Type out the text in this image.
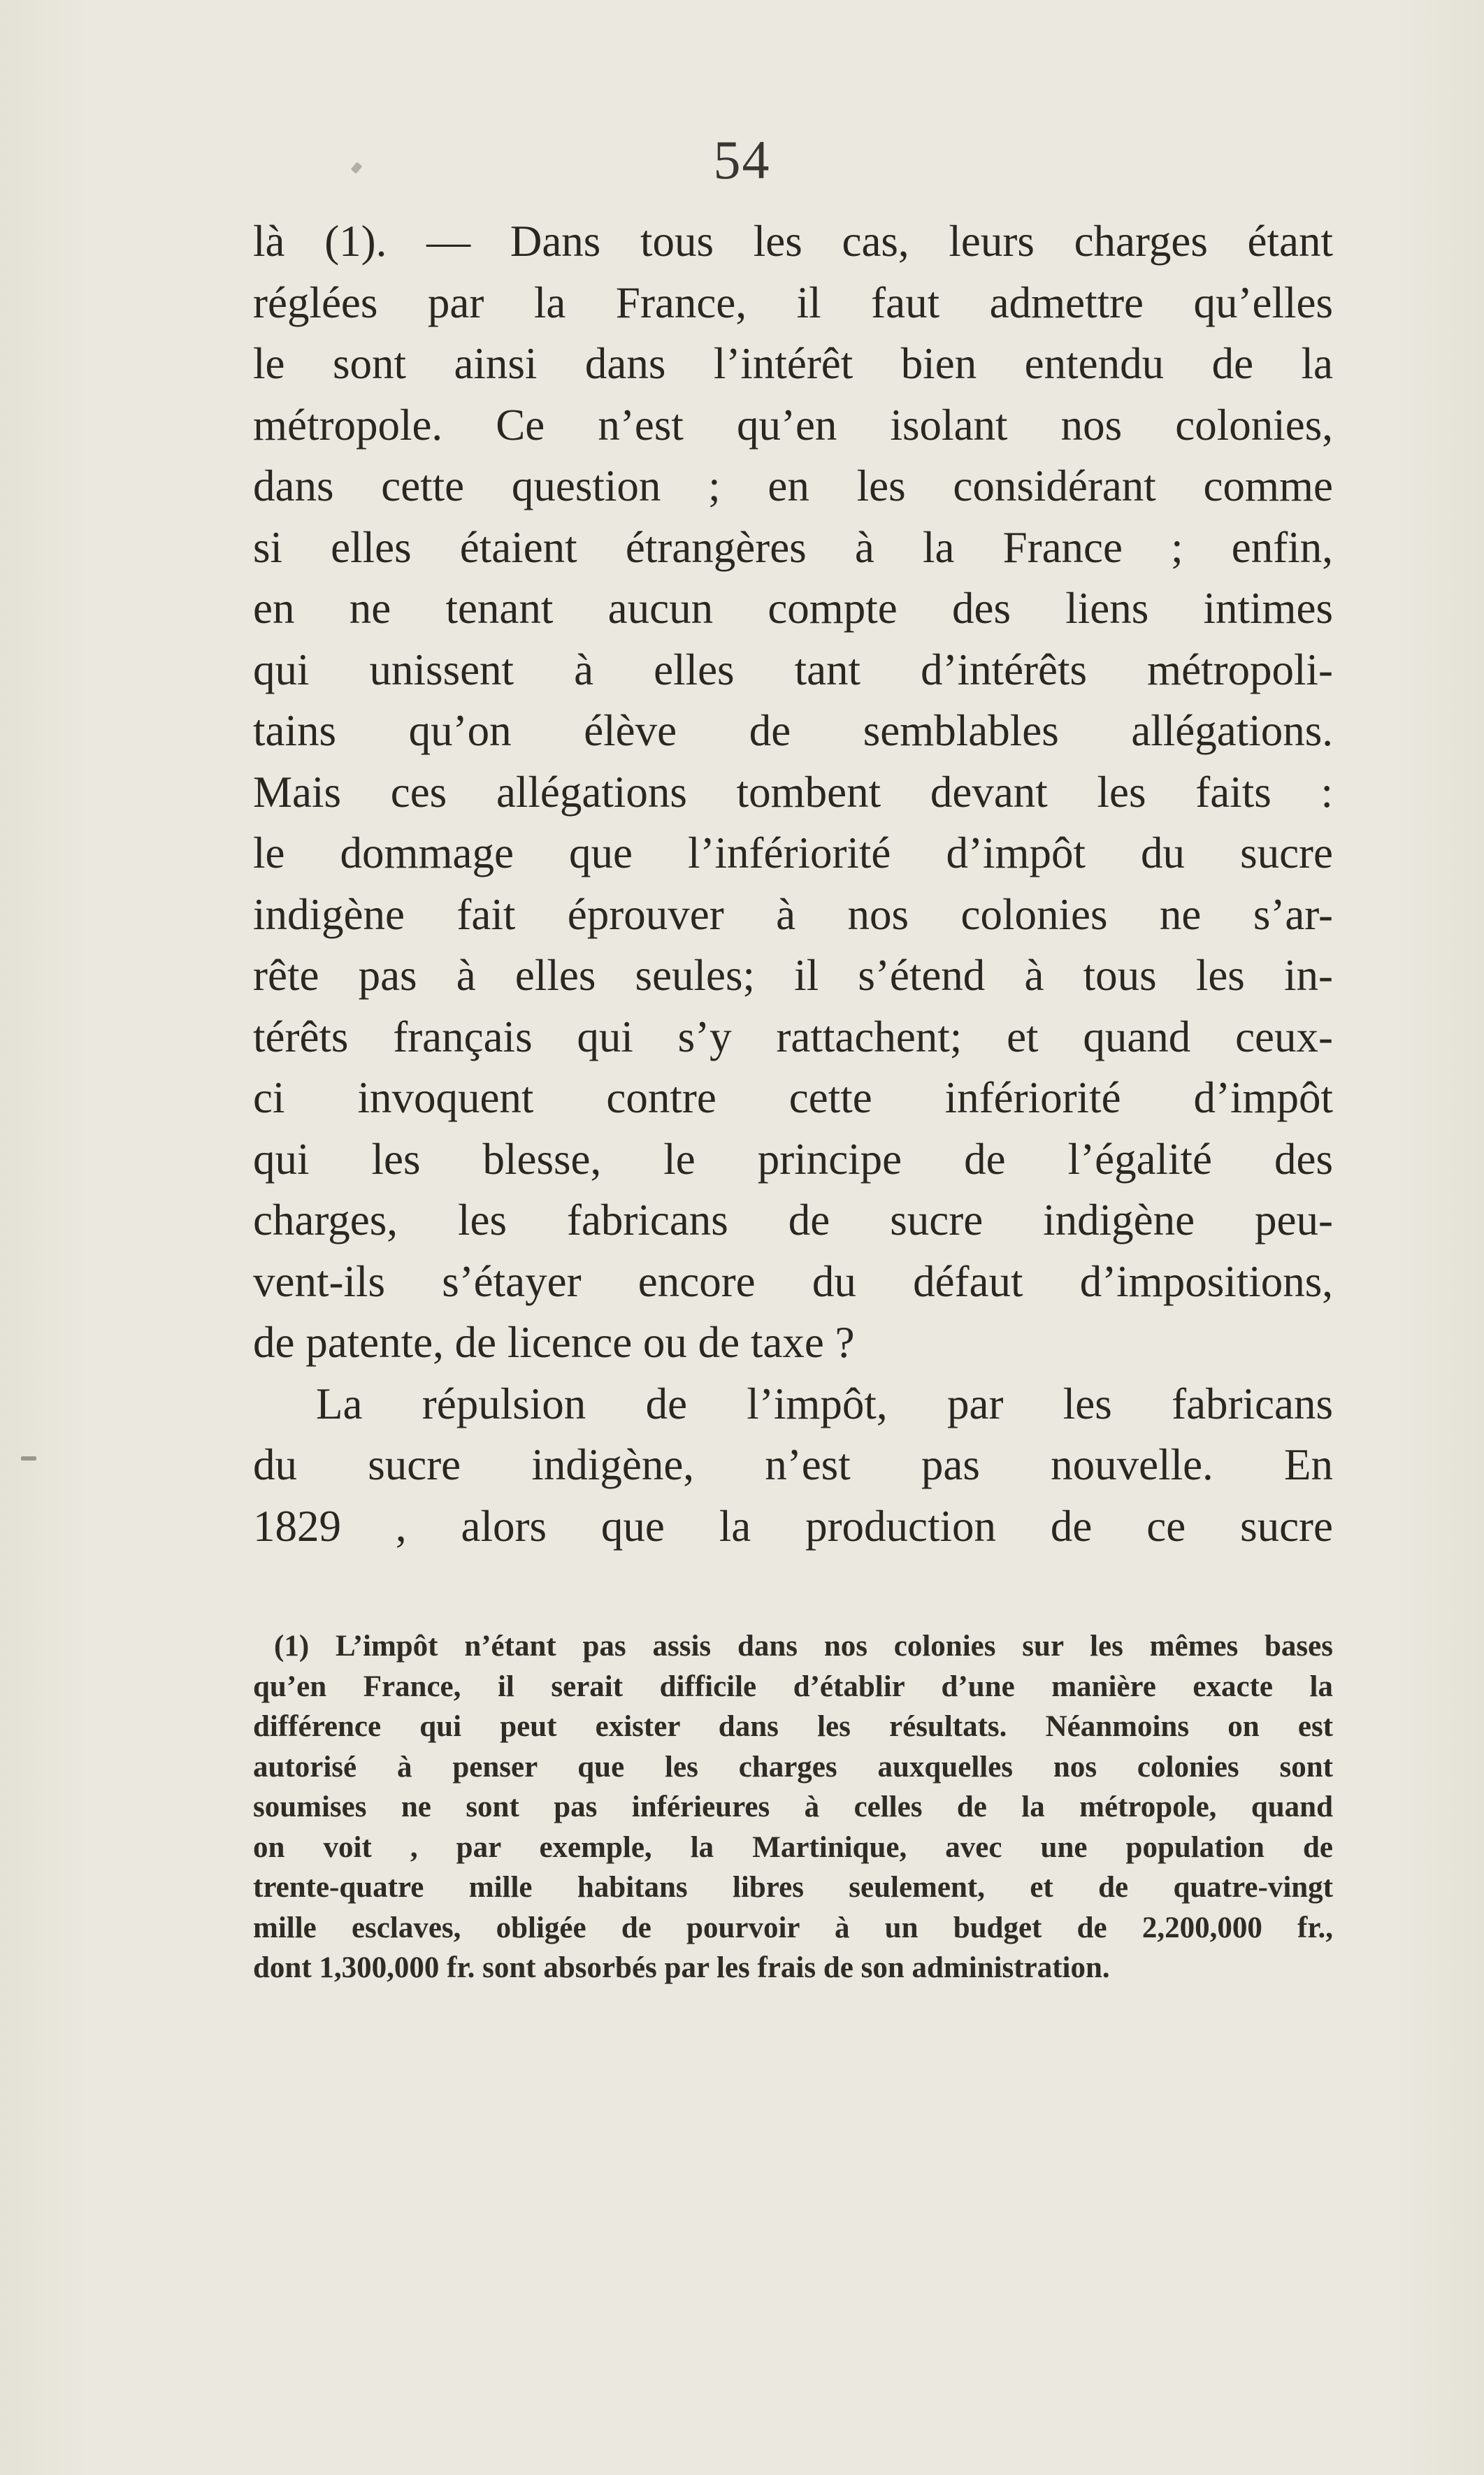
54
là (1). — Dans tous les cas, leurs charges étant
réglées par la France, il faut admettre qu’elles
le sont ainsi dans l’intérêt bien entendu de la
métropole. Ce n’est qu’en isolant nos colonies,
dans cette question ; en les considérant comme
si elles étaient étrangères à la France ; enfin,
en ne tenant aucun compte des liens intimes
qui unissent à elles tant d’intérêts métropoli-
tains qu’on élève de semblables allégations.
Mais ces allégations tombent devant les faits :
le dommage que l’infériorité d’impôt du sucre
indigène fait éprouver à nos colonies ne s’ar-
rête pas à elles seules; il s’étend à tous les in-
térêts français qui s’y rattachent; et quand ceux-
ci invoquent contre cette infériorité d’impôt
qui les blesse, le principe de l’égalité des
charges, les fabricans de sucre indigène peu-
vent-ils s’étayer encore du défaut d’impositions,
de patente, de licence ou de taxe ?
La répulsion de l’impôt, par les fabricans
du sucre indigène, n’est pas nouvelle. En
1829 , alors que la production de ce sucre
(1) L’impôt n’étant pas assis dans nos colonies sur les mêmes bases
qu’en France, il serait difficile d’établir d’une manière exacte la
différence qui peut exister dans les résultats. Néanmoins on est
autorisé à penser que les charges auxquelles nos colonies sont
soumises ne sont pas inférieures à celles de la métropole, quand
on voit , par exemple, la Martinique, avec une population de
trente-quatre mille habitans libres seulement, et de quatre-vingt
mille esclaves, obligée de pourvoir à un budget de 2,200,000 fr.,
dont 1,300,000 fr. sont absorbés par les frais de son administration.
